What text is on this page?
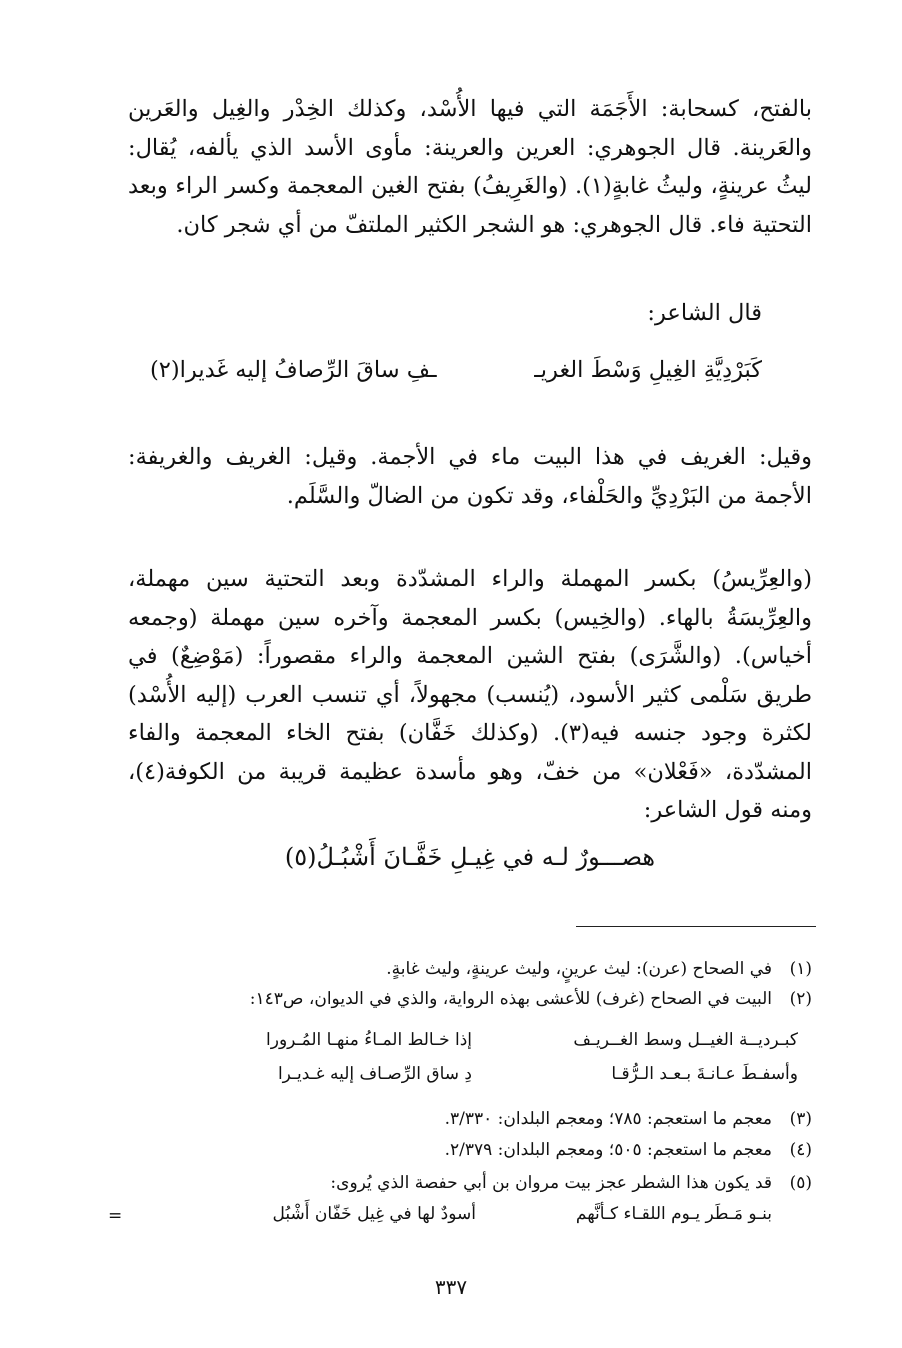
بالفتح، كسحابة: الأَجَمَة التي فيها الأُسْد، وكذلك الخِدْر والغِيل والعَرين والعَرينة. قال الجوهري: العرين والعرينة: مأوى الأسد الذي يألفه، يُقال: ليثُ عرينةٍ، وليثُ غابةٍ(١). (والغَرِيفُ) بفتح الغين المعجمة وكسر الراء وبعد التحتية فاء. قال الجوهري: هو الشجر الكثير الملتفّ من أي شجر كان.

قال الشاعر:
كَبَرْدِيَّةِ الغِيلِ وَسْطَ الغريـ
ـفِ ساقَ الرِّصافُ إليه غَديرا(٢)

وقيل: الغريف في هذا البيت ماء في الأجمة. وقيل: الغريف والغريفة: الأجمة من البَرْدِيِّ والحَلْفاء، وقد تكون من الضالّ والسَّلَم.

(والعِرِّيسُ) بكسر المهملة والراء المشدّدة وبعد التحتية سين مهملة، والعِرِّيسَةُ بالهاء. (والخِيس) بكسر المعجمة وآخره سين مهملة (وجمعه أخياس). (والشَّرَى) بفتح الشين المعجمة والراء مقصوراً: (مَوْضِعٌ) في طريق سَلْمى كثير الأسود، (يُنسب) مجهولاً، أي تنسب العرب (إليه الأُسْد) لكثرة وجود جنسه فيه(٣). (وكذلك خَفَّان) بفتح الخاء المعجمة والفاء المشدّدة، «فَعْلان» من خفّ، وهو مأسدة عظيمة قريبة من الكوفة(٤)، ومنه قول الشاعر:

هصـــورٌ لـه في غِيـلِ خَفَّـانَ أَشْبُـلُ(٥)
(١)في الصحاح (عرن): ليث عرينٍ، وليث عرينةٍ، وليث غابةٍ.
(٢)البيت في الصحاح (غرف) للأعشى بهذه الرواية، والذي في الديوان، ص١٤٣:
كبـرديــة الغيــل وسط الغــريـف
إذا خـالط المـاءُ منهـا المُـرورا
وأسفـطَ عـانـةَ بـعـد الـرُّقـا
دِ ساق الرِّصـاف إليه غـديـرا
(٣)معجم ما استعجم: ٧٨٥؛ ومعجم البلدان: ٣/٣٣٠.
(٤)معجم ما استعجم: ٥٠٥؛ ومعجم البلدان: ٢/٣٧٩.
(٥)قد يكون هذا الشطر عجز بيت مروان بن أبي حفصة الذي يُروى:
بنـو مَـطَر يـوم اللقـاء كـأنَّهم
أسودٌ لها في غِيل خَفّان أَشْبُل
=
٣٣٧
